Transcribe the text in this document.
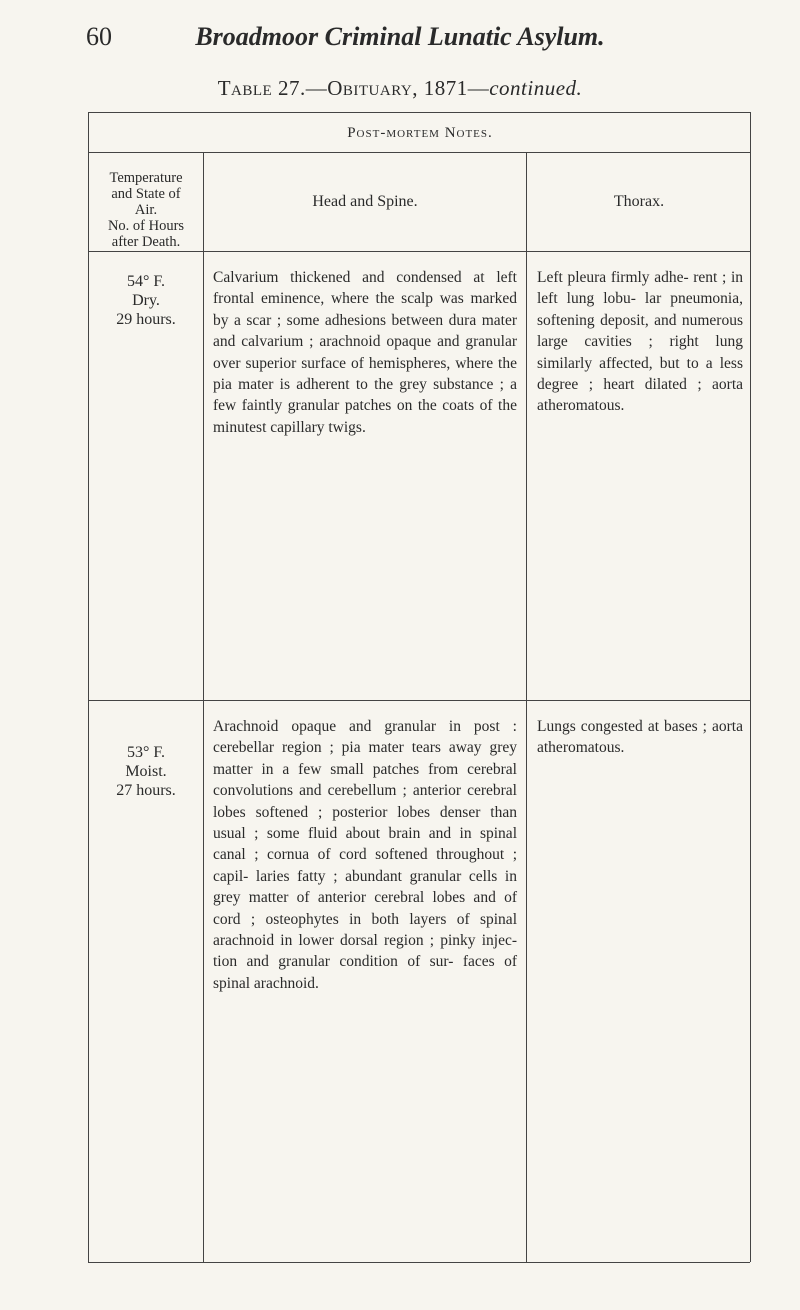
60	Broadmoor Criminal Lunatic Asylum.
Table 27.—Obituary, 1871—continued.
Post-mortem Notes.
Temperature
and State of
Air.
No. of Hours
after Death.
Head and Spine.	Thorax.
54° F.
Dry.
29 hours.
Calvarium thickened and condensed at left frontal eminence, where the scalp was marked by a scar ; some adhesions between dura mater and calvarium ; arachnoid opaque and granular over superior surface of hemispheres, where the pia mater is adherent to the grey substance ; a few faintly granular patches on the coats of the minutest capillary twigs.
Left pleura firmly adhe- rent ; in left lung lobu- lar pneumonia, softening deposit, and numerous large cavities ; right lung similarly affected, but to a less degree ; heart dilated ; aorta atheromatous.
53° F.
Moist.
27 hours.
Arachnoid opaque and granular in post : cerebellar region ; pia mater tears away grey matter in a few small patches from cerebral convolutions and cerebellum ; anterior cerebral lobes softened ; posterior lobes denser than usual ; some fluid about brain and in spinal canal ; cornua of cord softened throughout ; capil- laries fatty ; abundant granular cells in grey matter of anterior cerebral lobes and of cord ; osteophytes in both layers of spinal arachnoid in lower dorsal region ; pinky injec- tion and granular condition of sur- faces of spinal arachnoid.
Lungs congested at bases ; aorta atheromatous.
